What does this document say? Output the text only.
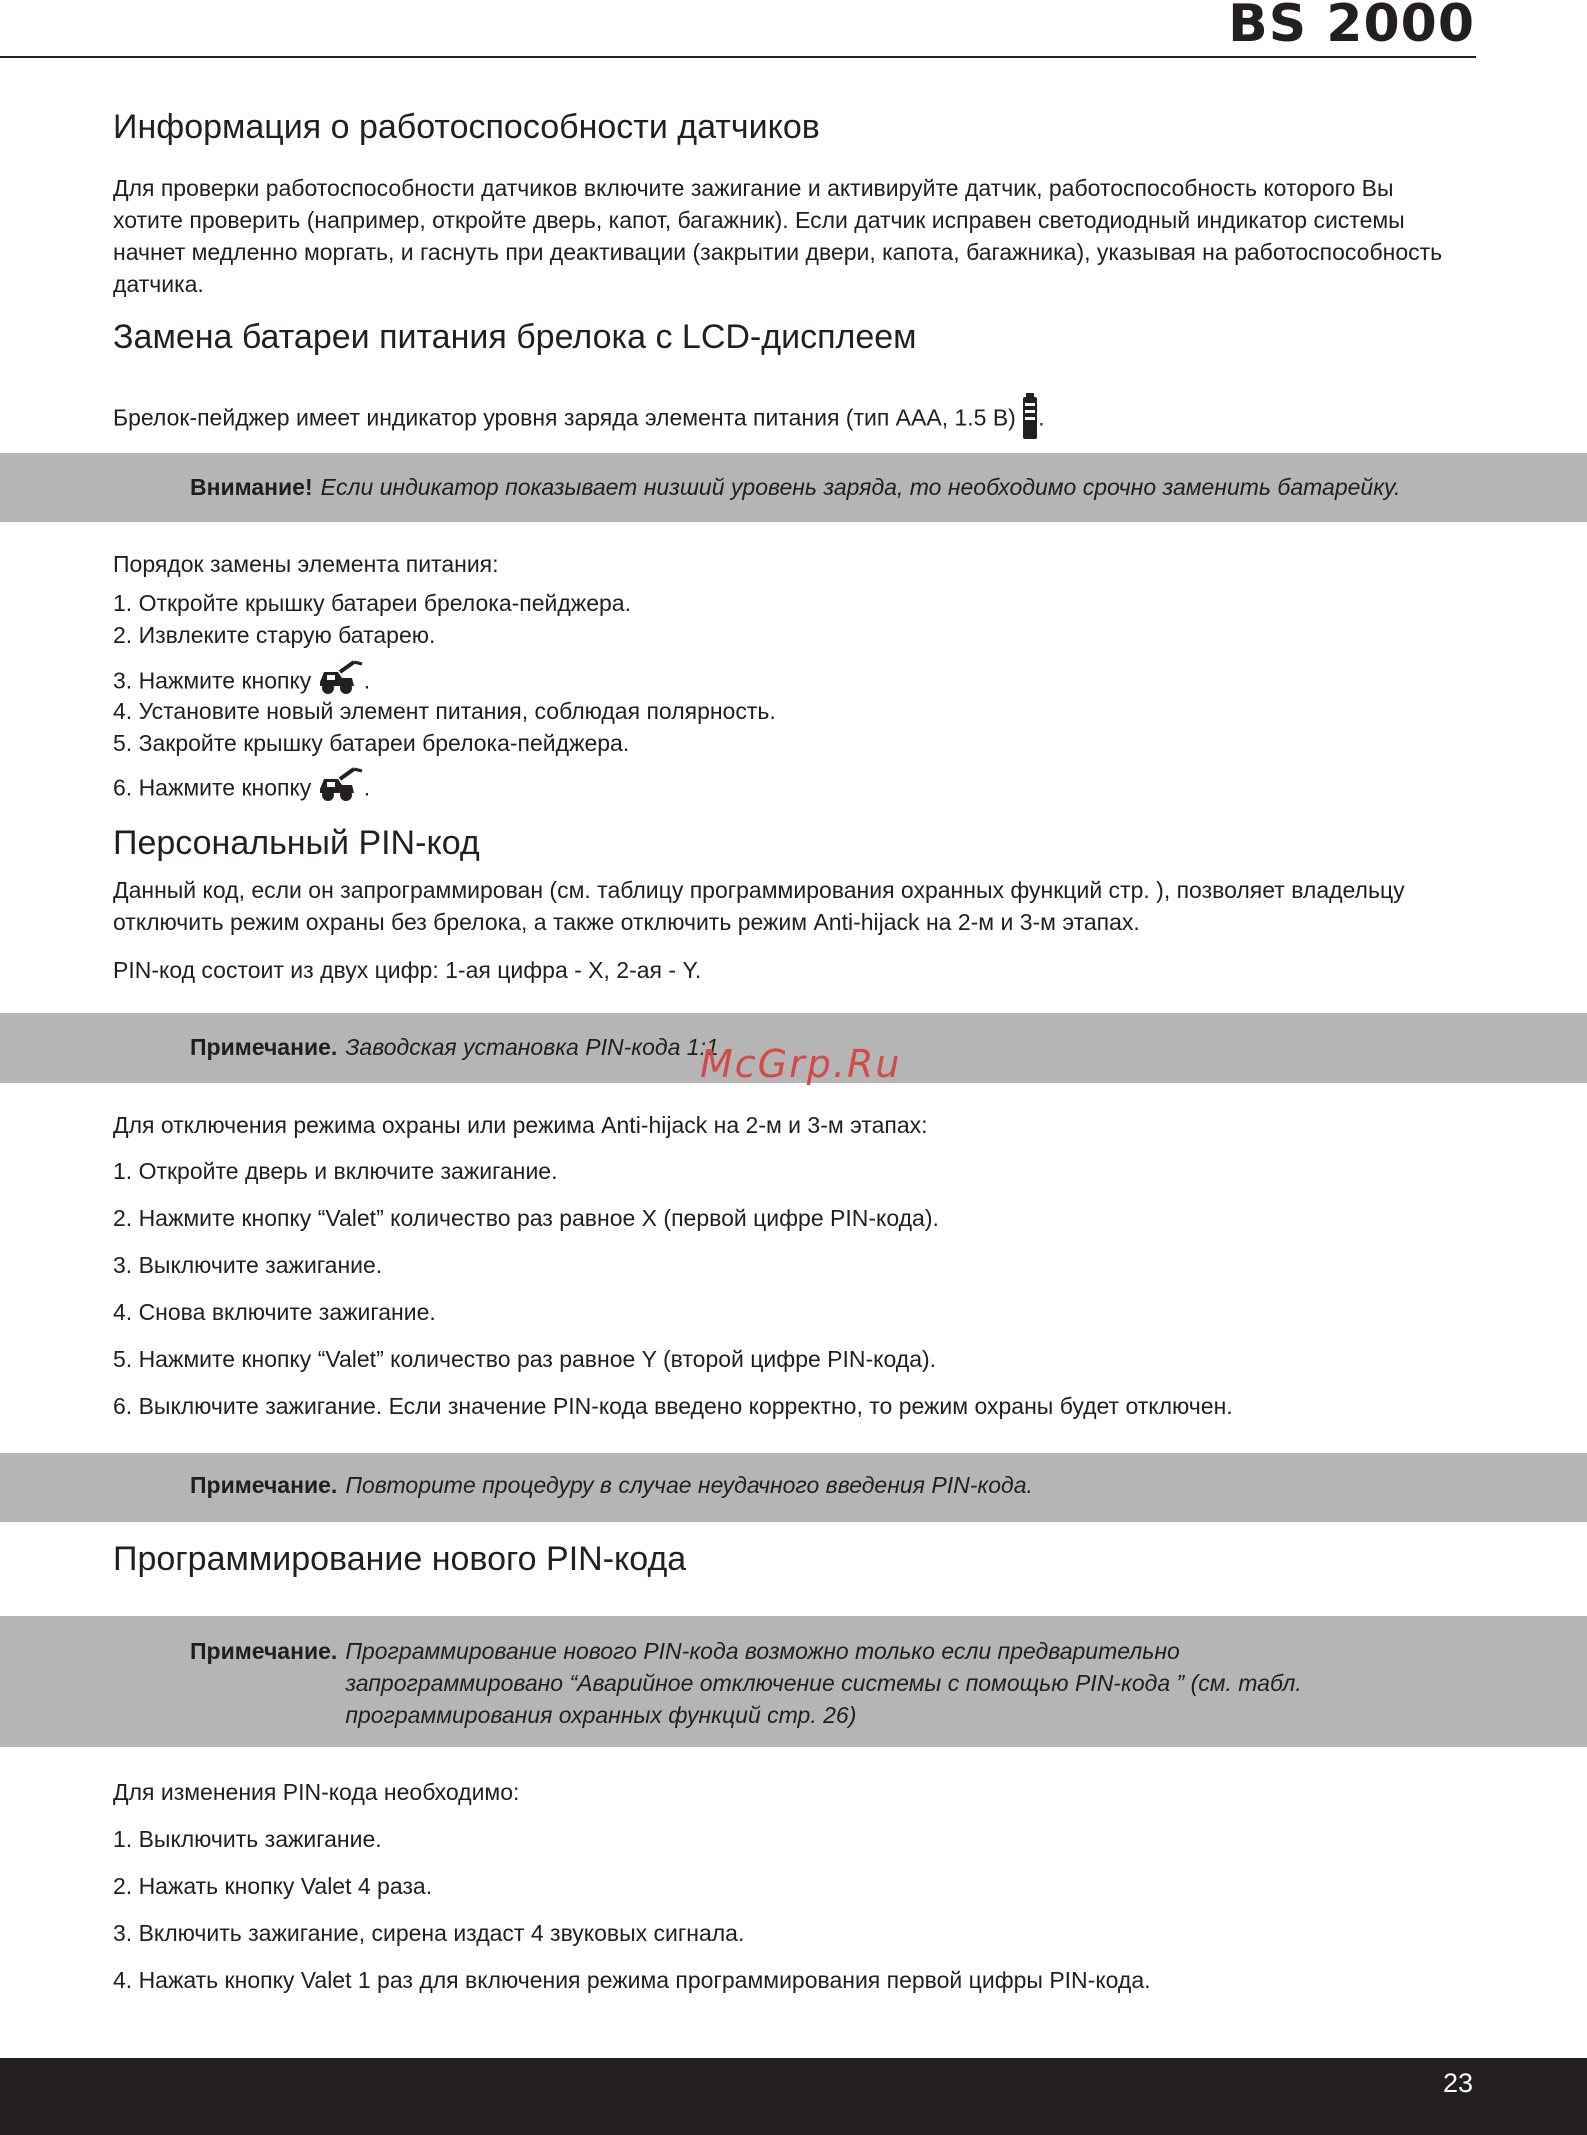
BS 2000
Информация о работоспособности датчиков

Для проверки работоспособности датчиков включите зажигание и активируйте датчик, работоспособность которого Вы хотите проверить (например, откройте дверь, капот, багажник). Если датчик исправен светодиодный индикатор системы начнет медленно моргать, и гаснуть при деактивации (закрытии двери, капота, багажника), указывая на работоспособность датчика.

Замена батареи питания брелока с LCD-дисплеем
Брелок-пейджер имеет индикатор уровня заряда элемента питания (тип AAA, 1.5 В) .
Внимание! Если индикатор показывает низший уровень заряда, то необходимо срочно заменить батарейку.
Порядок замены элемента питания:
1. Откройте крышку батареи брелока-пейджера.
2. Извлеките старую батарею.
3. Нажмите кнопку .
4. Установите новый элемент питания, соблюдая полярность.
5. Закройте крышку батареи брелока-пейджера.
6. Нажмите кнопку .
Персональный PIN-код

Данный код, если он запрограммирован (см. таблицу программирования охранных функций стр. ), позволяет владельцу отключить режим охраны без брелока, а также отключить режим Anti-hijack на 2-м и 3-м этапах.

PIN-код состоит из двух цифр: 1-ая цифра - X, 2-ая - Y.
Примечание. Заводская установка PIN-кода 1:1
McGrp.Ru
Для отключения режима охраны или режима Anti-hijack на 2-м и 3-м этапах:
1. Откройте дверь и включите зажигание.
2. Нажмите кнопку “Valet” количество раз равное X (первой цифре PIN-кода).
3. Выключите зажигание.
4. Снова включите зажигание.
5. Нажмите кнопку “Valet” количество раз равное Y (второй цифре PIN-кода).
6. Выключите зажигание. Если значение PIN-кода введено корректно, то режим охраны будет отключен.
Примечание. Повторите процедуру в случае неудачного введения PIN-кода.
Программирование нового PIN-кода
Примечание. Программирование нового PIN-кода возможно только если предварительно запрограммировано “Аварийное отключение системы с помощью PIN-кода ” (см. табл. программирования охранных функций стр. 26)
Для изменения PIN-кода необходимо:
1. Выключить зажигание.
2. Нажать кнопку Valet 4 раза.
3. Включить зажигание, сирена издаст 4 звуковых сигнала.
4. Нажать кнопку Valet 1 раз для включения режима программирования первой цифры PIN-кода.
23
